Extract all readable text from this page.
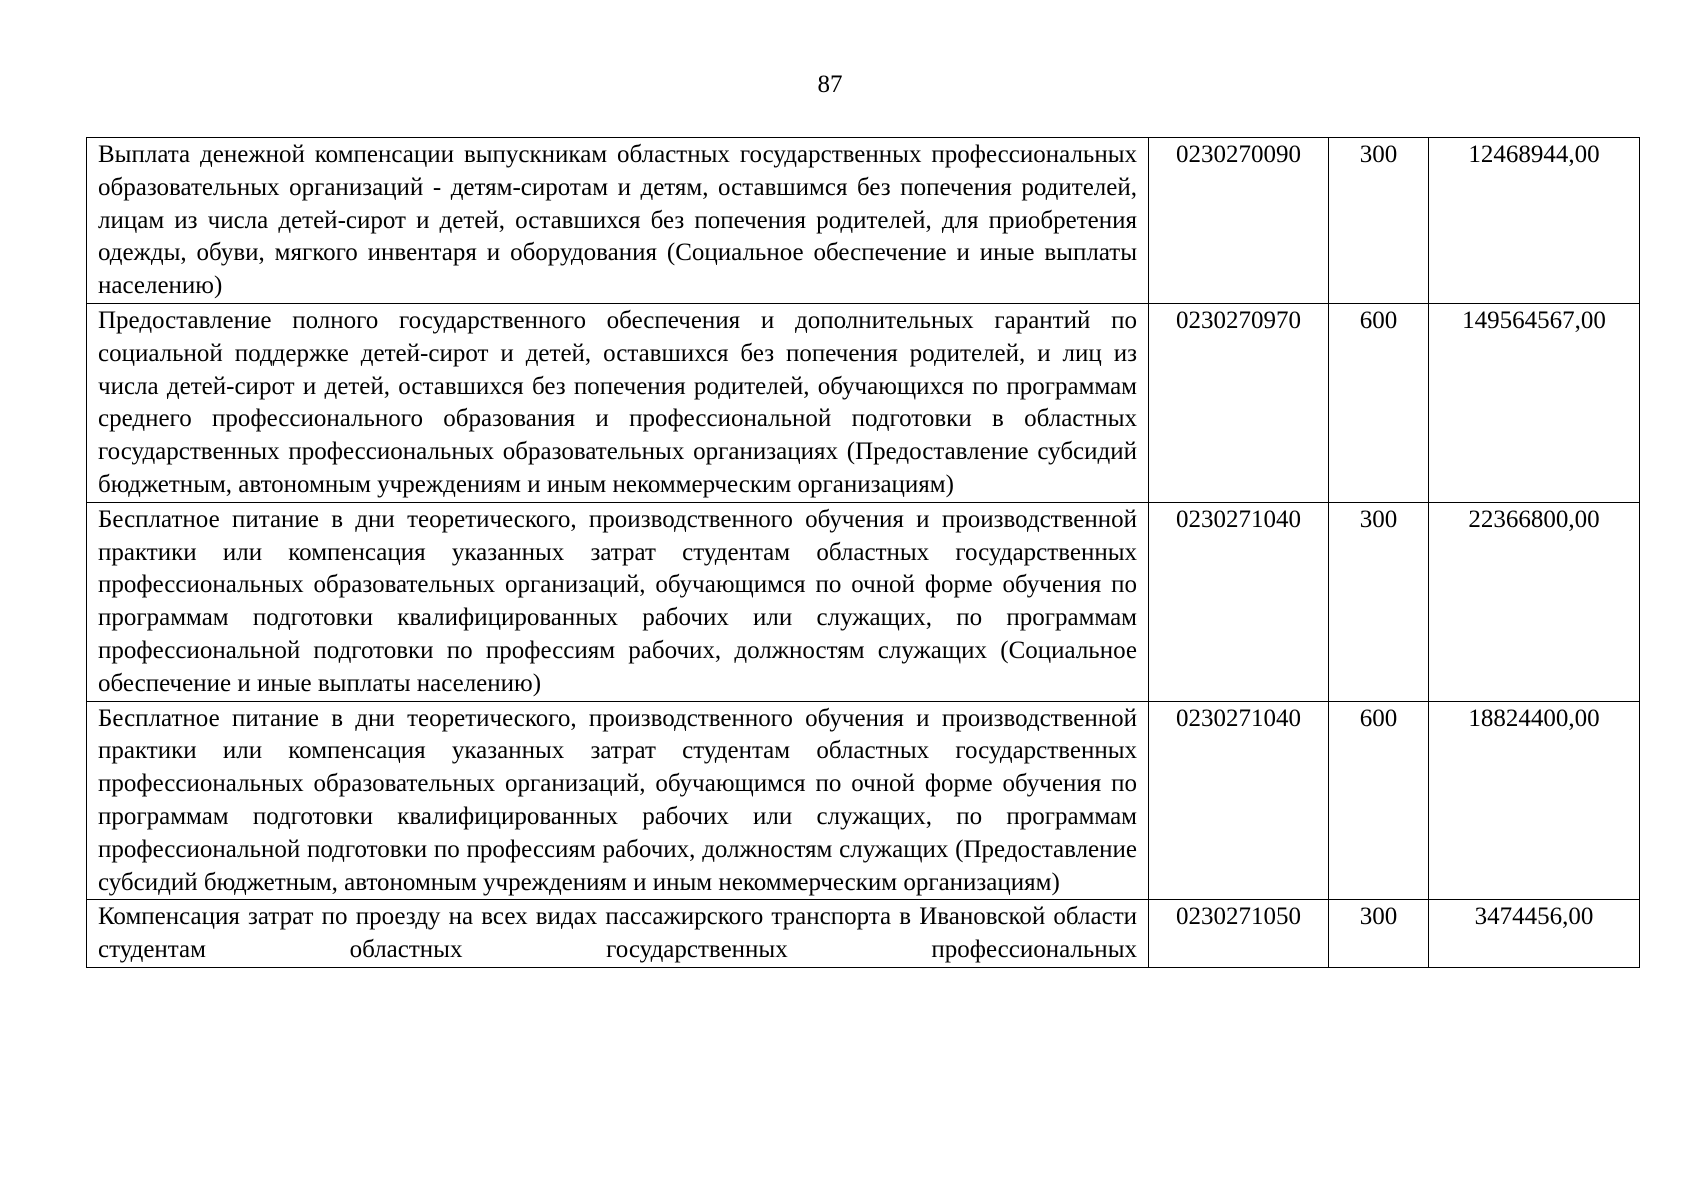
87
Выплата денежной компенсации выпускникам областных государственных профессиональных образовательных организаций - детям-сиротам и детям, оставшимся без попечения родителей, лицам из числа детей-сирот и детей, оставшихся без попечения родителей, для приобретения одежды, обуви, мягкого инвентаря и оборудования (Социальное обеспечение и иные выплаты населению)	0230270090	300	12468944,00
Предоставление полного государственного обеспечения и дополнительных гарантий по социальной поддержке детей-сирот и детей, оставшихся без попечения родителей, и лиц из числа детей-сирот и детей, оставшихся без попечения родителей, обучающихся по программам среднего профессионального образования и профессиональной подготовки в областных государственных профессиональных образовательных организациях (Предоставление субсидий бюджетным, автономным учреждениям и иным некоммерческим организациям)	0230270970	600	149564567,00
Бесплатное питание в дни теоретического, производственного обучения и производственной практики или компенсация указанных затрат студентам областных государственных профессиональных образовательных организаций, обучающимся по очной форме обучения по программам подготовки квалифицированных рабочих или служащих, по программам профессиональной подготовки по профессиям рабочих, должностям служащих (Социальное обеспечение и иные выплаты населению)	0230271040	300	22366800,00
Бесплатное питание в дни теоретического, производственного обучения и производственной практики или компенсация указанных затрат студентам областных государственных профессиональных образовательных организаций, обучающимся по очной форме обучения по программам подготовки квалифицированных рабочих или служащих, по программам профессиональной подготовки по профессиям рабочих, должностям служащих (Предоставление субсидий бюджетным, автономным учреждениям и иным некоммерческим организациям)	0230271040	600	18824400,00
Компенсация затрат по проезду на всех видах пассажирского транспорта в Ивановской области студентам областных государственных профессиональных	0230271050	300	3474456,00
